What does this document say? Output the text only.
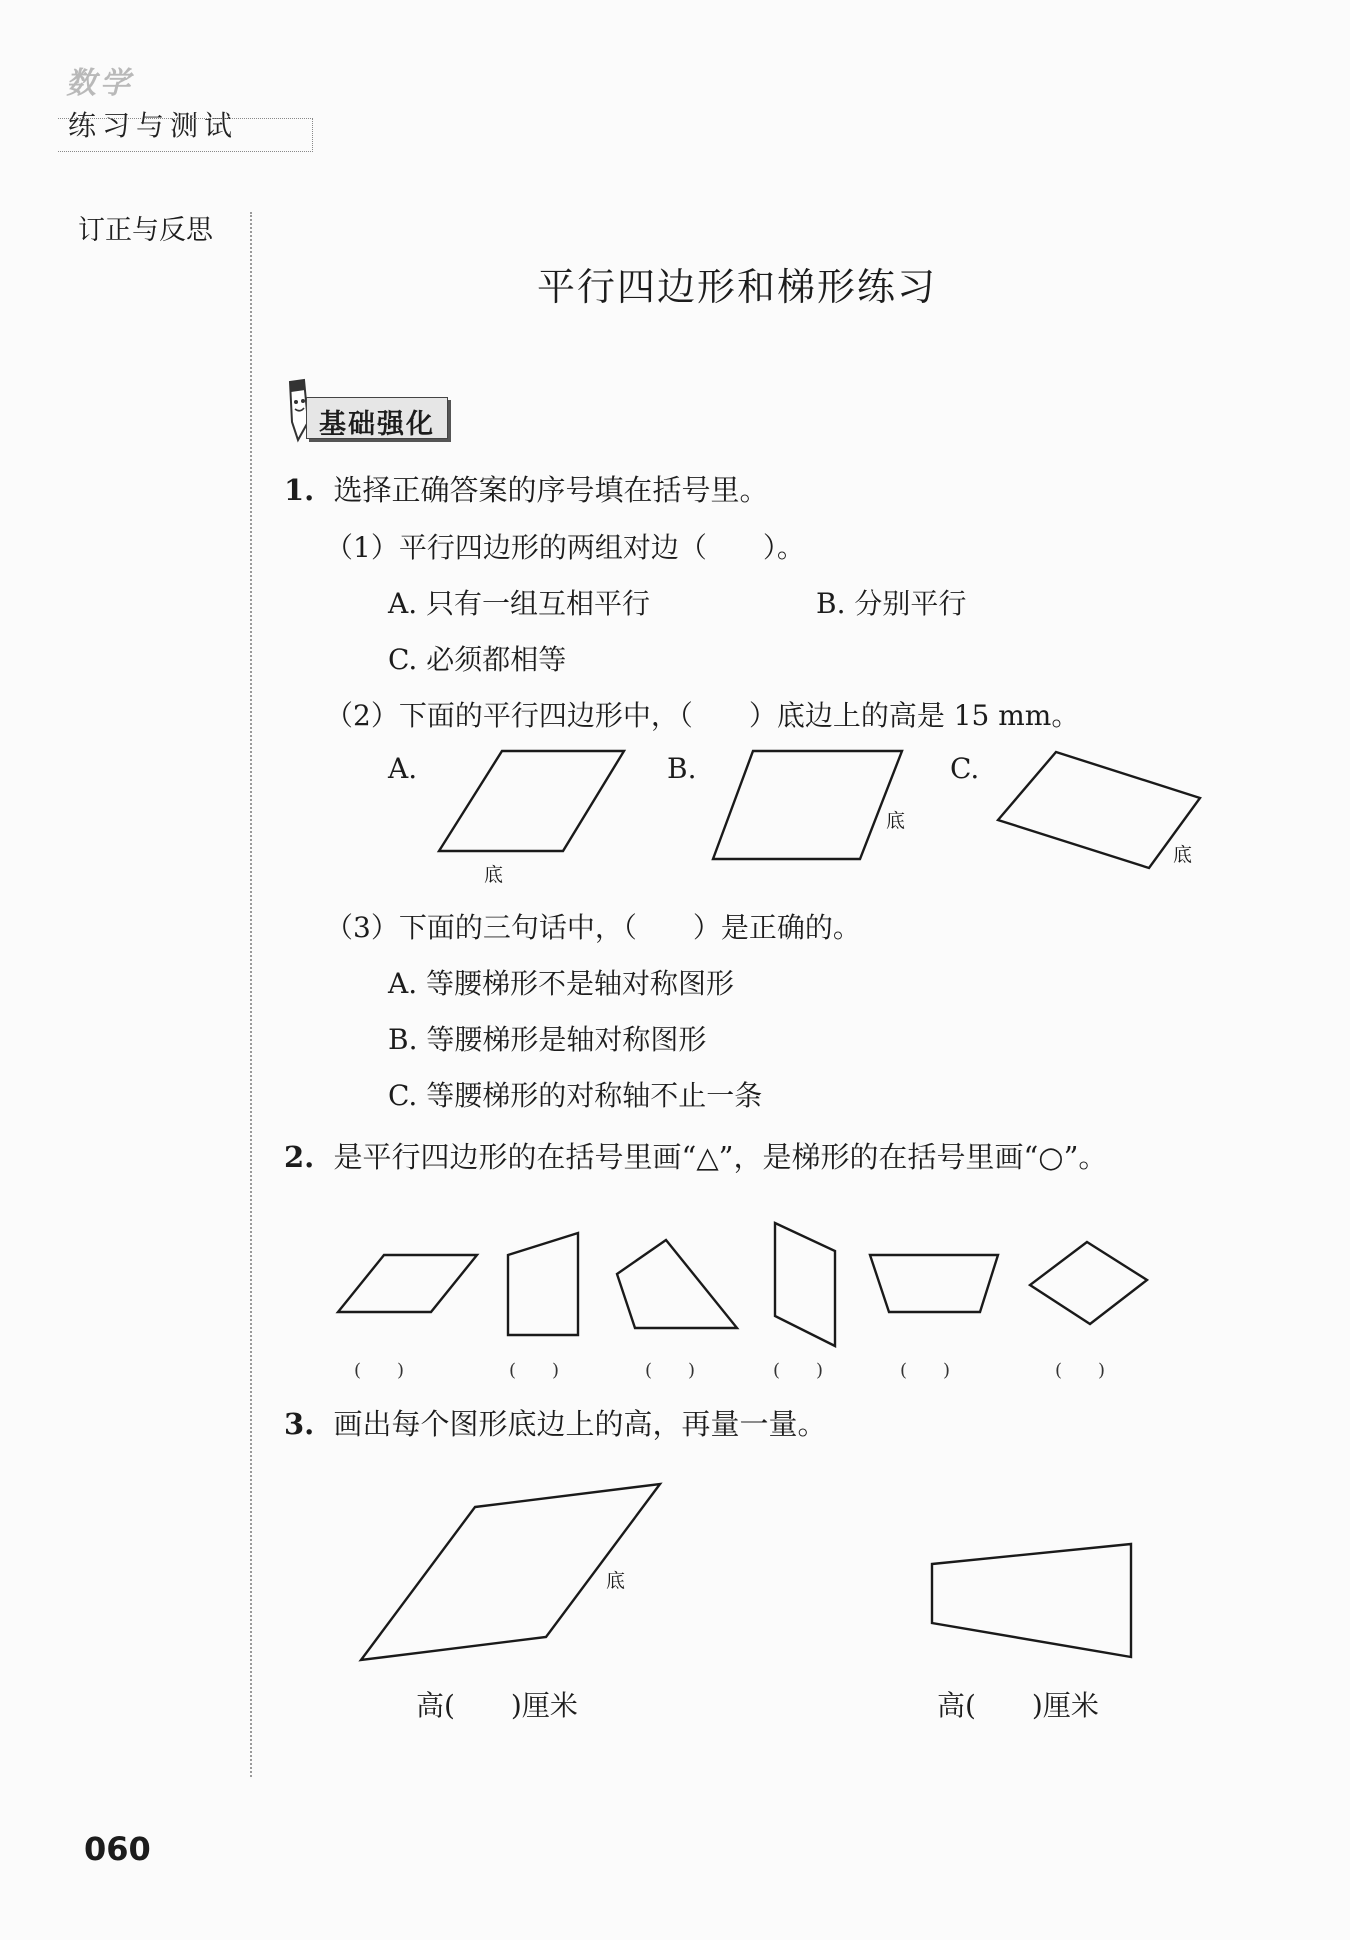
数学
练习与测试
订正与反思
平行四边形和梯形练习
基础强化
1. 选择正确答案的序号填在括号里。
（1）平行四边形的两组对边（　　）。
A. 只有一组互相平行	B. 分别平行
C. 必须都相等
（2）下面的平行四边形中，（　　）底边上的高是 15 mm。
A.	B.	C.
底
底
底
（3）下面的三句话中，（　　）是正确的。
A. 等腰梯形不是轴对称图形
B. 等腰梯形是轴对称图形
C. 等腰梯形的对称轴不止一条
2. 是平行四边形的在括号里画“△”，是梯形的在括号里画“○”。
(　　)	(　　)	(　　)	(　　)	(　　)	(　　)
3. 画出每个图形底边上的高，再量一量。
底
高(　　)厘米	高(　　)厘米
060
